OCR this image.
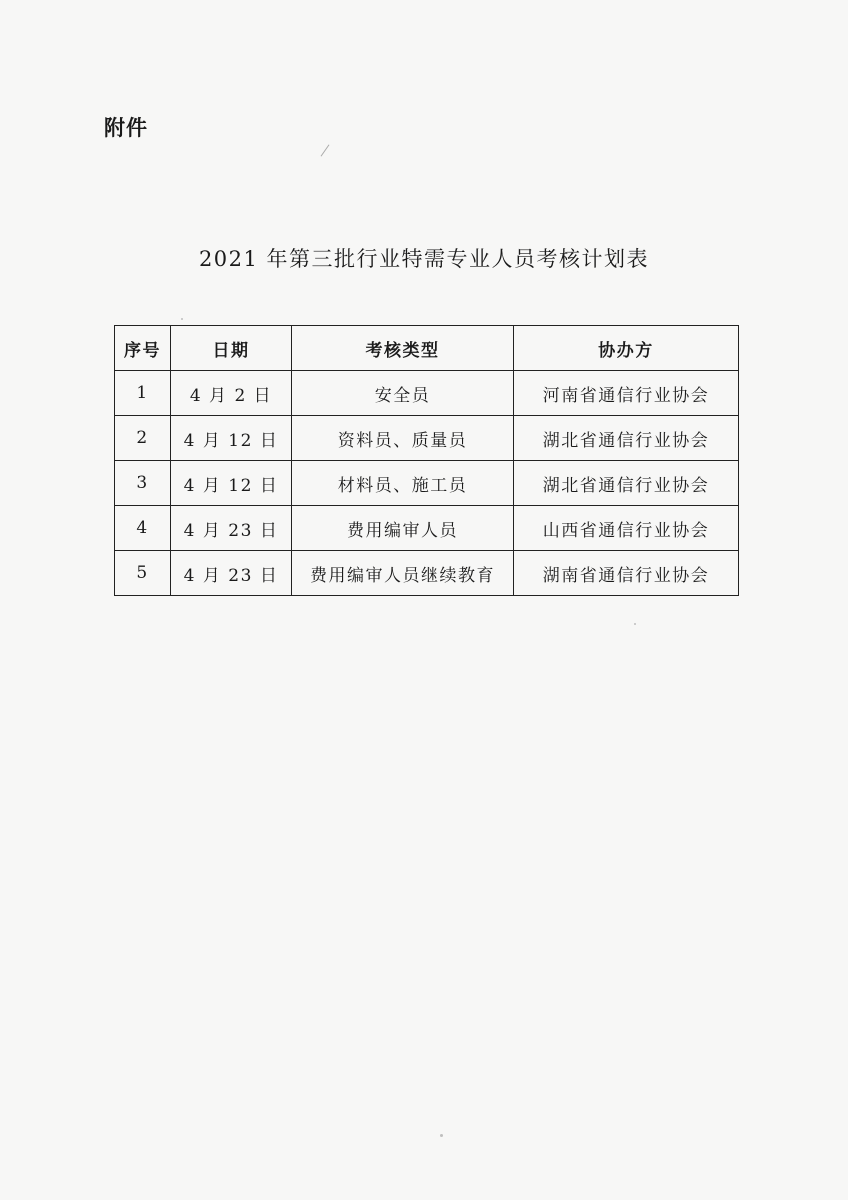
附件
2021 年第三批行业特需专业人员考核计划表
序号	日期	考核类型	协办方
1	4 月 2 日	安全员	河南省通信行业协会
2	4 月 12 日	资料员、质量员	湖北省通信行业协会
3	4 月 12 日	材料员、施工员	湖北省通信行业协会
4	4 月 23 日	费用编审人员	山西省通信行业协会
5	4 月 23 日	费用编审人员继续教育	湖南省通信行业协会
